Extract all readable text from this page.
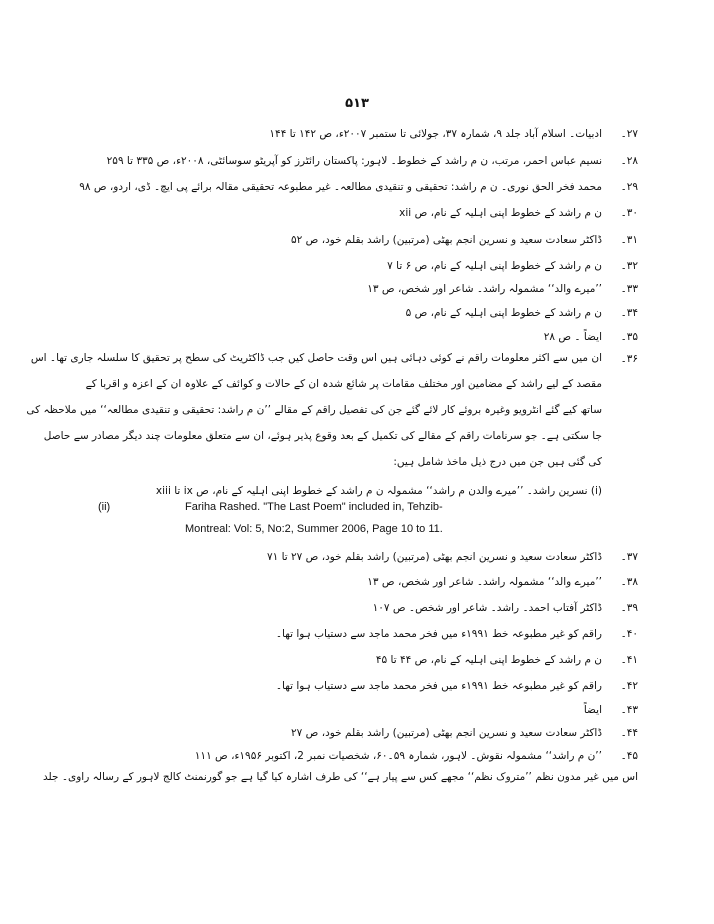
۵۱۳
۲۷۔
ادبیات۔ اسلام آباد جلد ۹، شمارہ ۳۷، جولائی تا ستمبر ۲۰۰۷ء، ص ۱۴۲ تا ۱۴۴
۲۸۔
نسیم عباس احمر، مرتب، ن م راشد کے خطوط۔ لاہور: پاکستان رائٹرز کو آپریٹو سوسائٹی، ۲۰۰۸ء، ص ۳۳۵ تا ۲۵۹
۲۹۔
محمد فخر الحق نوری۔ ن م راشد: تحقیقی و تنقیدی مطالعہ۔ غیر مطبوعہ تحقیقی مقالہ برائے پی ایچ۔ ڈی، اردو، ص ۹۸
۳۰۔
ن م راشد کے خطوط اپنی اہلیہ کے نام، ص xii
۳۱۔
ڈاکٹر سعادت سعید و نسرین انجم بھٹی (مرتبین) راشد بقلم خود، ص ۵۲
۳۲۔
ن م راشد کے خطوط اپنی اہلیہ کے نام، ص ۶ تا ۷
۳۳۔
’’میرے والد‘‘ مشمولہ راشد۔ شاعر اور شخص، ص ۱۳
۳۴۔
ن م راشد کے خطوط اپنی اہلیہ کے نام، ص ۵
۳۵۔
ایضاً ۔ ص ۲۸
۳۶۔
ان میں سے اکثر معلومات راقم نے کوئی دہائی ہیں اس وقت حاصل کیں جب ڈاکٹریٹ کی سطح پر تحقیق کا سلسلہ جاری تھا۔ اس
مقصد کے لیے راشد کے مضامین اور مختلف مقامات پر شائع شدہ ان کے حالات و کوائف کے علاوہ ان کے اعزہ و اقربا کے
ساتھ کیے گئے انٹرویو وغیرہ بروئے کار لائے گئے جن کی تفصیل راقم کے مقالے ’’ن م راشد: تحقیقی و تنقیدی مطالعہ‘‘ میں ملاحظہ کی
جا سکتی ہے۔ جو سرنامات راقم کے مقالے کی تکمیل کے بعد وقوع پذیر ہوئے، ان سے متعلق معلومات چند دیگر مصادر سے حاصل
کی گئی ہیں جن میں درج ذیل ماخذ شامل ہیں:
(i) نسرین راشد۔ ’’میرے والدن م راشد‘‘ مشمولہ ن م راشد کے خطوط اپنی اہلیہ کے نام، ص ix تا xiii
(ii)	Fariha Rashed. "The Last Poem" included in, Tehzib-
Montreal: Vol: 5, No:2, Summer 2006, Page 10 to 11.
۳۷۔
ڈاکٹر سعادت سعید و نسرین انجم بھٹی (مرتبین) راشد بقلم خود، ص ۲۷ تا ۷۱
۳۸۔
’’میرے والد‘‘ مشمولہ راشد۔ شاعر اور شخص، ص ۱۳
۳۹۔
ڈاکٹر آفتاب احمد۔ راشد۔ شاعر اور شخص۔ ص ۱۰۷
۴۰۔
راقم کو غیر مطبوعہ خط ۱۹۹۱ء میں فخر محمد ماجد سے دستیاب ہوا تھا۔
۴۱۔
ن م راشد کے خطوط اپنی اہلیہ کے نام، ص ۴۴ تا ۴۵
۴۲۔
راقم کو غیر مطبوعہ خط ۱۹۹۱ء میں فخر محمد ماجد سے دستیاب ہوا تھا۔
۴۳۔
ایضاً
۴۴۔
ڈاکٹر سعادت سعید و نسرین انجم بھٹی (مرتبین) راشد بقلم خود، ص ۲۷
۴۵۔
’’ن م راشد‘‘ مشمولہ نقوش۔ لاہور، شمارہ ۵۹۔۶۰، شخصیات نمبر 2، اکتوبر ۱۹۵۶ء، ص ۱۱۱
اس میں غیر مدون نظم ’’متروک نظم‘‘ مجھے کس سے پیار ہے‘‘ کی طرف اشارہ کیا گیا ہے جو گورنمنٹ کالج لاہور کے رسالہ راوی۔ جلد
